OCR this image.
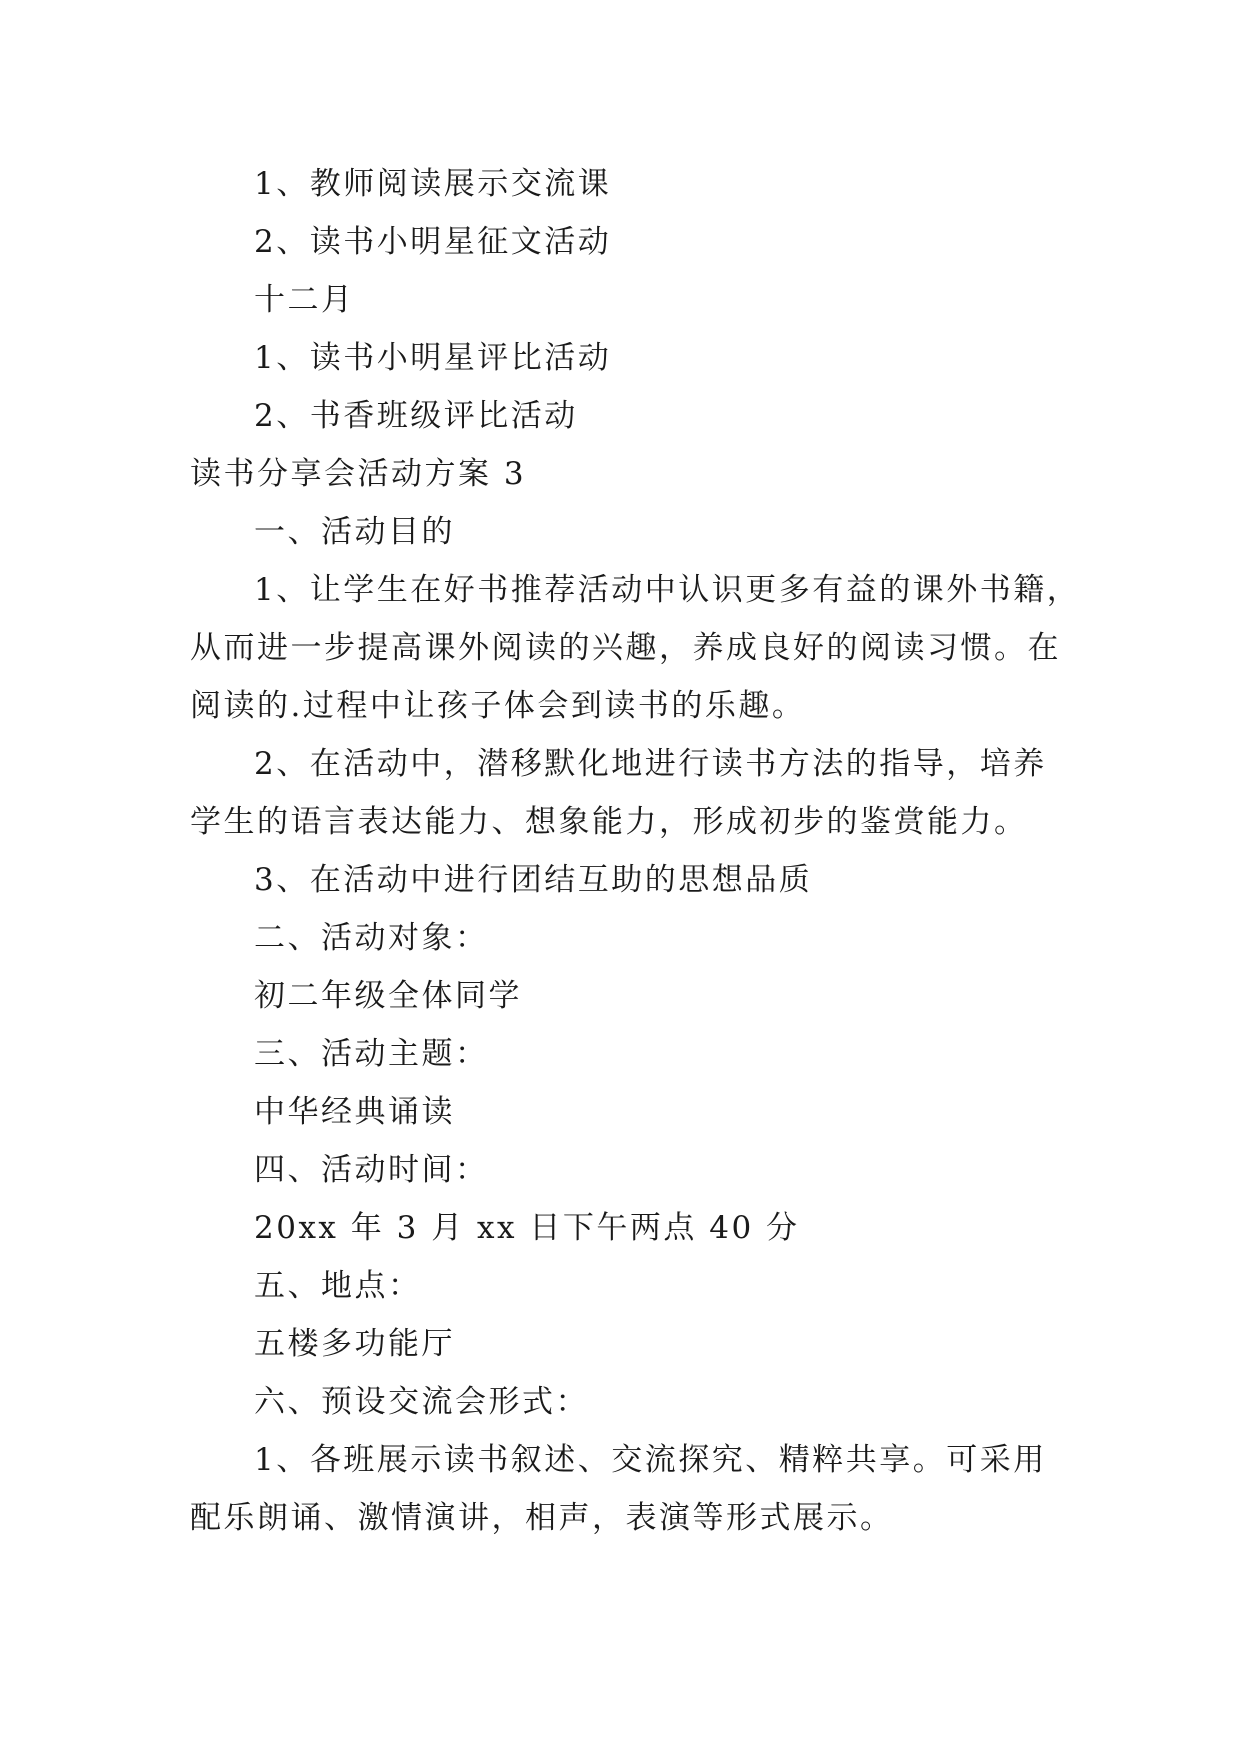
1、教师阅读展示交流课
2、读书小明星征文活动
十二月
1、读书小明星评比活动
2、书香班级评比活动
读书分享会活动方案 3
一、活动目的
1、让学生在好书推荐活动中认识更多有益的课外书籍，
从而进一步提高课外阅读的兴趣，养成良好的阅读习惯。在
阅读的.过程中让孩子体会到读书的乐趣。
2、在活动中，潜移默化地进行读书方法的指导，培养
学生的语言表达能力、想象能力，形成初步的鉴赏能力。
3、在活动中进行团结互助的思想品质
二、活动对象：
初二年级全体同学
三、活动主题：
中华经典诵读
四、活动时间：
20xx 年 3 月 xx 日下午两点 40 分
五、地点：
五楼多功能厅
六、预设交流会形式：
1、各班展示读书叙述、交流探究、精粹共享。可采用
配乐朗诵、激情演讲，相声，表演等形式展示。
